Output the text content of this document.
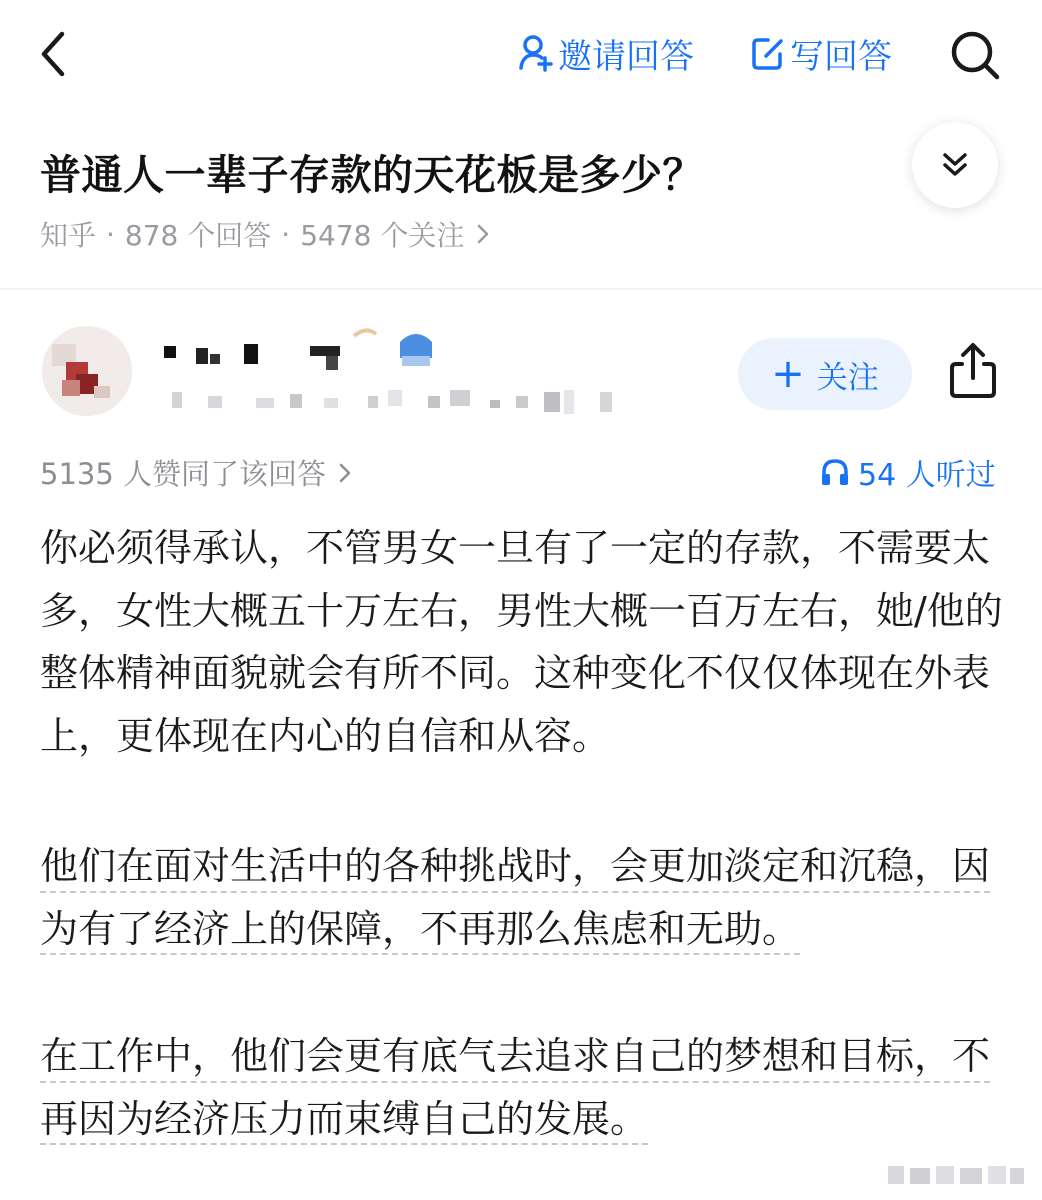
邀请回答	写回答
普通人一辈子存款的天花板是多少？
知乎 · 878 个回答 · 5478 个关注
+ 关注
5135 人赞同了该回答	54 人听过
你必须得承认，不管男女一旦有了一定的存款，不需要太多，女性大概五十万左右，男性大概一百万左右，她/他的整体精神面貌就会有所不同。这种变化不仅仅体现在外表上，更体现在内心的自信和从容。
他们在面对生活中的各种挑战时，会更加淡定和沉稳，因为有了经济上的保障，不再那么焦虑和无助。
在工作中，他们会更有底气去追求自己的梦想和目标，不再因为经济压力而束缚自己的发展。
